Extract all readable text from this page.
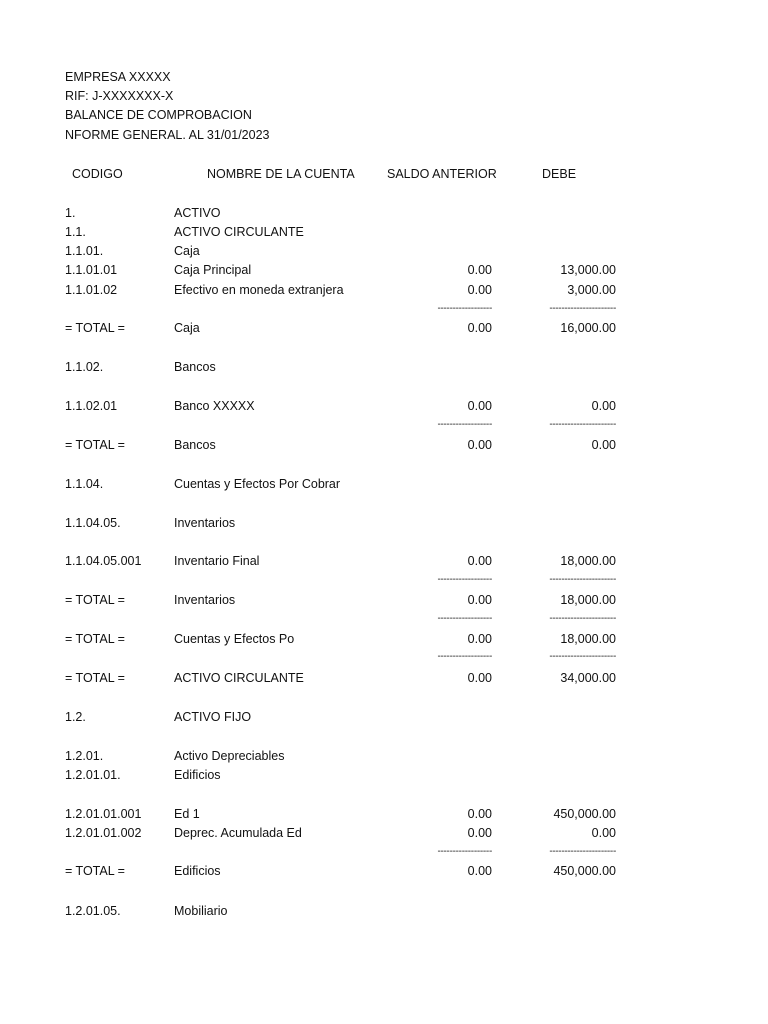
EMPRESA XXXXX
RIF: J-XXXXXXX-X
BALANCE DE COMPROBACION
NFORME GENERAL. AL 31/01/2023
CODIGO	NOMBRE DE LA CUENTA	SALDO ANTERIOR	DEBE
1.	ACTIVO
1.1.	ACTIVO CIRCULANTE
1.1.01.	Caja
1.1.01.01	Caja Principal	0.00	13,000.00
1.1.01.02	Efectivo en moneda extranjera	0.00	3,000.00
------------------	----------------------
= TOTAL =	Caja	0.00	16,000.00
1.1.02.	Bancos
1.1.02.01	Banco XXXXX	0.00	0.00
------------------	----------------------
= TOTAL =	Bancos	0.00	0.00
1.1.04.	Cuentas y Efectos Por Cobrar
1.1.04.05.	Inventarios
1.1.04.05.001	Inventario Final	0.00	18,000.00
------------------	----------------------
= TOTAL =	Inventarios	0.00	18,000.00
------------------	----------------------
= TOTAL =	Cuentas y Efectos Po	0.00	18,000.00
------------------	----------------------
= TOTAL =	ACTIVO CIRCULANTE	0.00	34,000.00
1.2.	ACTIVO FIJO
1.2.01.	Activo Depreciables
1.2.01.01.	Edificios
1.2.01.01.001	Ed 1	0.00	450,000.00
1.2.01.01.002	Deprec. Acumulada Ed	0.00	0.00
------------------	----------------------
= TOTAL =	Edificios	0.00	450,000.00
1.2.01.05.	Mobiliario
